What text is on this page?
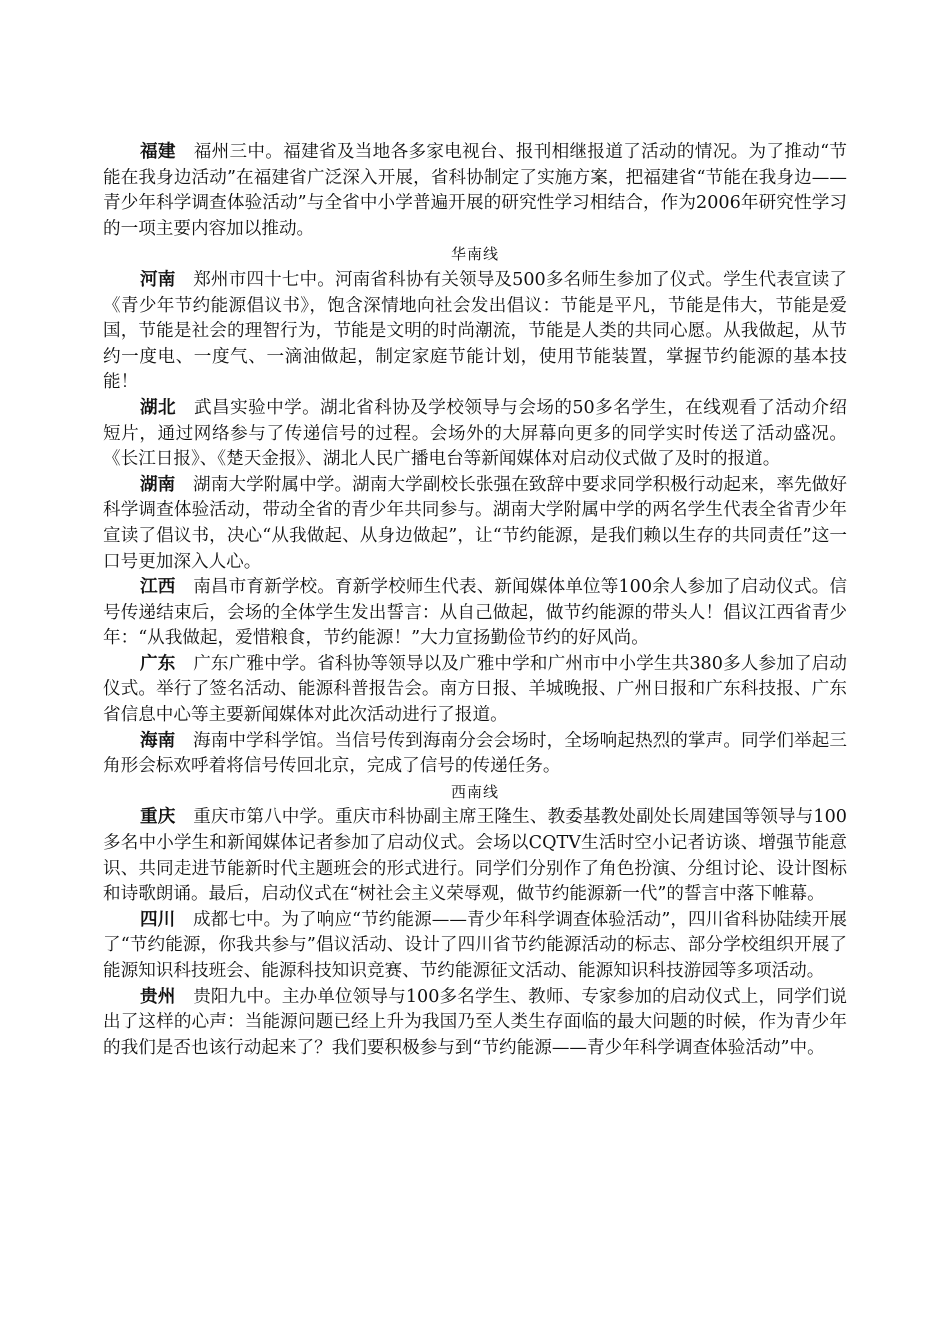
福建 福州三中。福建省及当地各多家电视台、报刊相继报道了活动的情况。为了推动“节能在我身边活动”在福建省广泛深入开展，省科协制定了实施方案，把福建省“节能在我身边——青少年科学调查体验活动”与全省中小学普遍开展的研究性学习相结合，作为2006年研究性学习的一项主要内容加以推动。

华南线

河南 郑州市四十七中。河南省科协有关领导及500多名师生参加了仪式。学生代表宣读了《青少年节约能源倡议书》，饱含深情地向社会发出倡议：节能是平凡，节能是伟大，节能是爱国，节能是社会的理智行为，节能是文明的时尚潮流，节能是人类的共同心愿。从我做起，从节约一度电、一度气、一滴油做起，制定家庭节能计划，使用节能装置，掌握节约能源的基本技能！

湖北 武昌实验中学。湖北省科协及学校领导与会场的50多名学生，在线观看了活动介绍短片，通过网络参与了传递信号的过程。会场外的大屏幕向更多的同学实时传送了活动盛况。《长江日报》、《楚天金报》、湖北人民广播电台等新闻媒体对启动仪式做了及时的报道。

湖南 湖南大学附属中学。湖南大学副校长张强在致辞中要求同学积极行动起来，率先做好科学调查体验活动，带动全省的青少年共同参与。湖南大学附属中学的两名学生代表全省青少年宣读了倡议书，决心“从我做起、从身边做起”，让“节约能源，是我们赖以生存的共同责任”这一口号更加深入人心。

江西 南昌市育新学校。育新学校师生代表、新闻媒体单位等100余人参加了启动仪式。信号传递结束后，会场的全体学生发出誓言：从自己做起，做节约能源的带头人！倡议江西省青少年：“从我做起，爱惜粮食，节约能源！”大力宣扬勤俭节约的好风尚。

广东 广东广雅中学。省科协等领导以及广雅中学和广州市中小学生共380多人参加了启动仪式。举行了签名活动、能源科普报告会。南方日报、羊城晚报、广州日报和广东科技报、广东省信息中心等主要新闻媒体对此次活动进行了报道。

海南 海南中学科学馆。当信号传到海南分会会场时，全场响起热烈的掌声。同学们举起三角形会标欢呼着将信号传回北京，完成了信号的传递任务。

西南线

重庆 重庆市第八中学。重庆市科协副主席王隆生、教委基教处副处长周建国等领导与100多名中小学生和新闻媒体记者参加了启动仪式。会场以CQTV生活时空小记者访谈、增强节能意识、共同走进节能新时代主题班会的形式进行。同学们分别作了角色扮演、分组讨论、设计图标和诗歌朗诵。最后，启动仪式在“树社会主义荣辱观，做节约能源新一代”的誓言中落下帷幕。

四川 成都七中。为了响应“节约能源——青少年科学调查体验活动”，四川省科协陆续开展了“节约能源，你我共参与”倡议活动、设计了四川省节约能源活动的标志、部分学校组织开展了能源知识科技班会、能源科技知识竞赛、节约能源征文活动、能源知识科技游园等多项活动。

贵州 贵阳九中。主办单位领导与100多名学生、教师、专家参加的启动仪式上，同学们说出了这样的心声：当能源问题已经上升为我国乃至人类生存面临的最大问题的时候，作为青少年的我们是否也该行动起来了？我们要积极参与到“节约能源——青少年科学调查体验活动”中。
